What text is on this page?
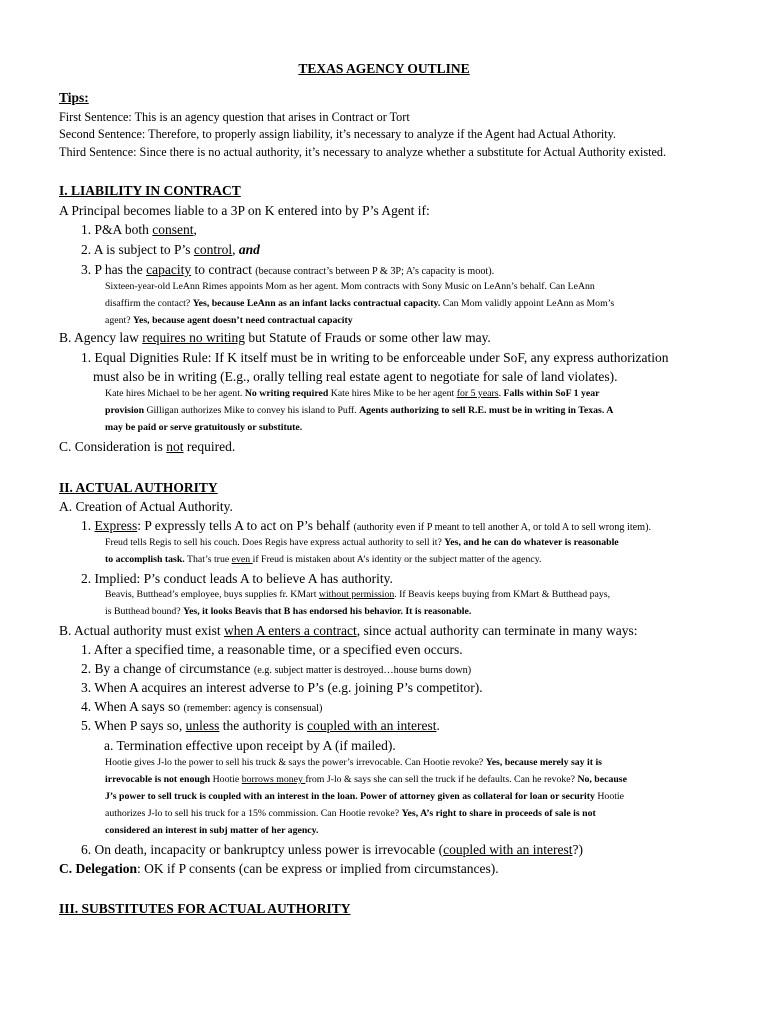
TEXAS AGENCY OUTLINE
Tips:
First Sentence: This is an agency question that arises in Contract or Tort
Second Sentence: Therefore, to properly assign liability, it’s necessary to analyze if the Agent had Actual Athority.
Third Sentence: Since there is no actual authority, it’s necessary to analyze whether a substitute for Actual Authority existed.
I. LIABILITY IN CONTRACT
A Principal becomes liable to a 3P on K entered into by P’s Agent if:
1. P&A both consent,
2. A is subject to P’s control, and
3. P has the capacity to contract (because contract’s between P & 3P; A’s capacity is moot).
Sixteen-year-old LeAnn Rimes appoints Mom as her agent. Mom contracts with Sony Music on LeAnn’s behalf. Can LeAnn
disaffirm the contact? Yes, because LeAnn as an infant lacks contractual capacity. Can Mom validly appoint LeAnn as Mom’s
agent? Yes, because agent doesn’t need contractual capacity
B. Agency law requires no writing but Statute of Frauds or some other law may.
1. Equal Dignities Rule: If K itself must be in writing to be enforceable under SoF, any express authorization
must also be in writing (E.g., orally telling real estate agent to negotiate for sale of land violates).
Kate hires Michael to be her agent. No writing required Kate hires Mike to be her agent for 5 years. Falls within SoF 1 year
provision Gilligan authorizes Mike to convey his island to Puff. Agents authorizing to sell R.E. must be in writing in Texas. A
may be paid or serve gratuitously or substitute.
C. Consideration is not required.
II. ACTUAL AUTHORITY
A. Creation of Actual Authority.
1. Express: P expressly tells A to act on P’s behalf (authority even if P meant to tell another A, or told A to sell wrong item).
Freud tells Regis to sell his couch. Does Regis have express actual authority to sell it? Yes, and he can do whatever is reasonable
to accomplish task. That’s true even if Freud is mistaken about A’s identity or the subject matter of the agency.
2. Implied: P’s conduct leads A to believe A has authority.
Beavis, Butthead’s employee, buys supplies fr. KMart without permission. If Beavis keeps buying from KMart & Butthead pays,
is Butthead bound? Yes, it looks Beavis that B has endorsed his behavior. It is reasonable.
B. Actual authority must exist when A enters a contract, since actual authority can terminate in many ways:
1. After a specified time, a reasonable time, or a specified even occurs.
2. By a change of circumstance (e.g. subject matter is destroyed…house burns down)
3. When A acquires an interest adverse to P’s (e.g. joining P’s competitor).
4. When A says so (remember: agency is consensual)
5. When P says so, unless the authority is coupled with an interest.
a. Termination effective upon receipt by A (if mailed).
Hootie gives J-lo the power to sell his truck & says the power’s irrevocable. Can Hootie revoke? Yes, because merely say it is
irrevocable is not enough Hootie borrows money from J-lo & says she can sell the truck if he defaults. Can he revoke? No, because
J’s power to sell truck is coupled with an interest in the loan. Power of attorney given as collateral for loan or security Hootie
authorizes J-lo to sell his truck for a 15% commission. Can Hootie revoke? Yes, A’s right to share in proceeds of sale is not
considered an interest in subj matter of her agency.
6. On death, incapacity or bankruptcy unless power is irrevocable (coupled with an interest?)
C. Delegation: OK if P consents (can be express or implied from circumstances).
III. SUBSTITUTES FOR ACTUAL AUTHORITY
